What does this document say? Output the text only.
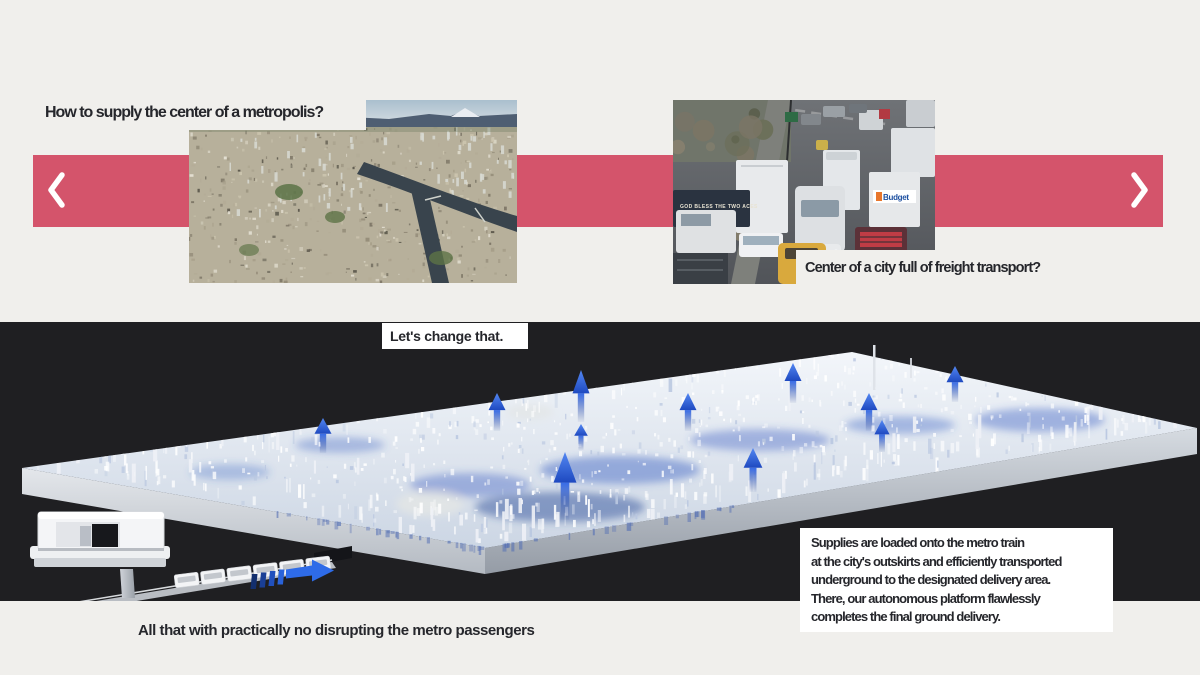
GOD BLESS THE TWO ACES
Budget
How to supply the center of a metropolis?
Center of a city full of freight transport?
Let's change that.
Supplies are loaded onto the metro train
at the city's outskirts and efficiently transported
underground to the designated delivery area.
There, our autonomous platform flawlessly
completes the final ground delivery.
All that with practically no disrupting the metro passengers
